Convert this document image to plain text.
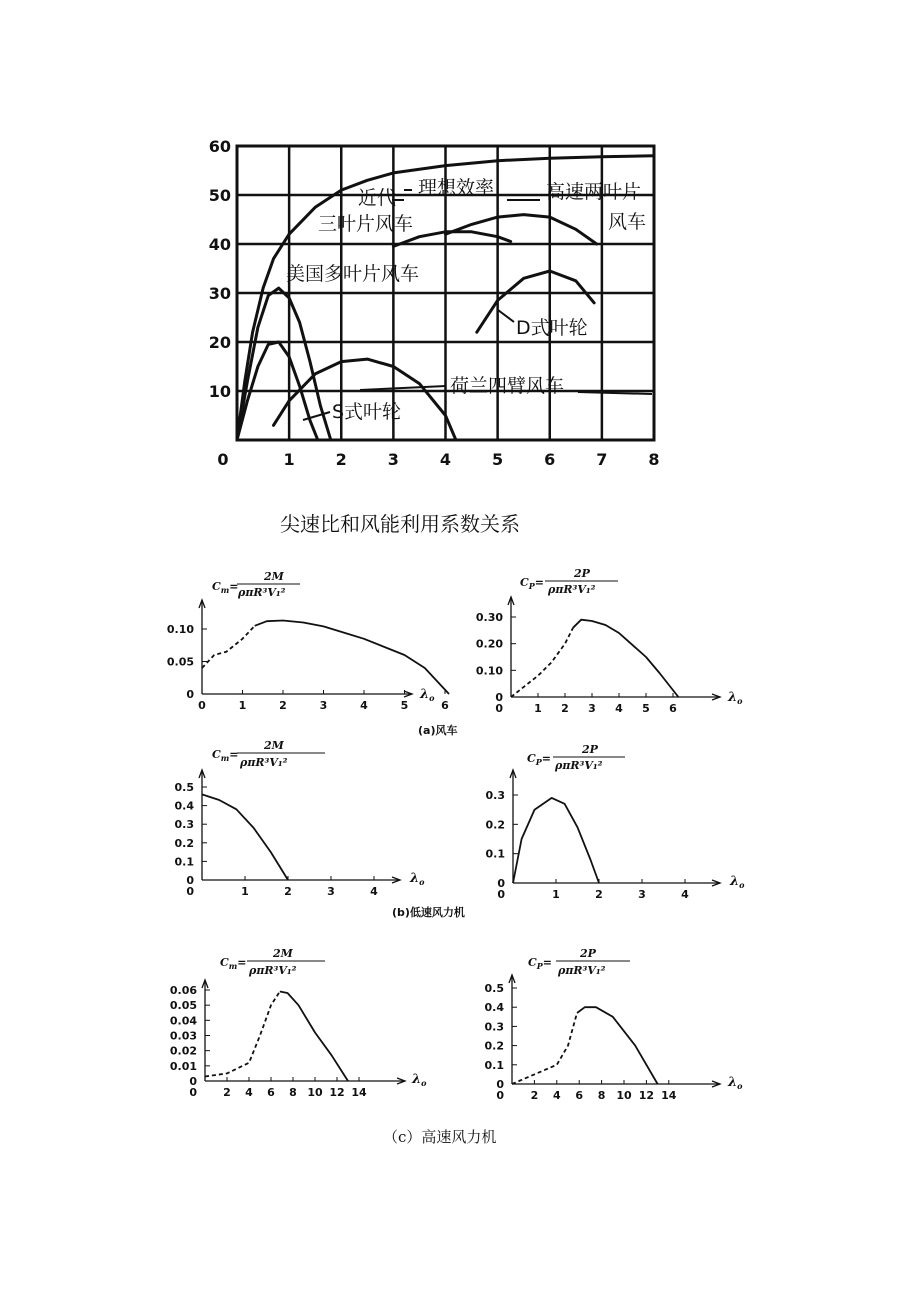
0	1	2	3	4	5	6	7	8
10
20
30
40
50
60
理想效率
近代
三叶片风车
高速两叶片
风车
美国多叶片风车
D式叶轮
荷兰四臂风车
S式叶轮
0
0.05
0.10
0	1	2	3	4	5	6
0
0.10
0.20
0.30
1 2 3 4 5 6
0
0
0.1
0.2
0.3
0.4
0.5
1	2	3	4
0
0
0.1
0.2
0.3
1	2	3	4
0
0
0.01
0.02
0.03
0.04
0.05
0.06
2 4 6 8 10 12 14
0
0
0.1
0.2
0.3
0.4
0.5
2 4 6 8 10 12 14
0
$C_m=$
2M
ρπR³V₁²
$C_P=$
2P
ρπR³V₁²
$C_m=$
2M
ρπR³V₁²	$C_P=$
2P
ρπR³V₁²
$C_m=$
2M
ρπR³V₁²
$C_P=$
2P
ρπR³V₁²
$\lambda_o$	$\lambda_o$
$\lambda_o$	$\lambda_o$
$\lambda_o$	$\lambda_o$
(a)风车
(b)低速风力机
尖速比和风能利用系数关系
（c）高速风力机
